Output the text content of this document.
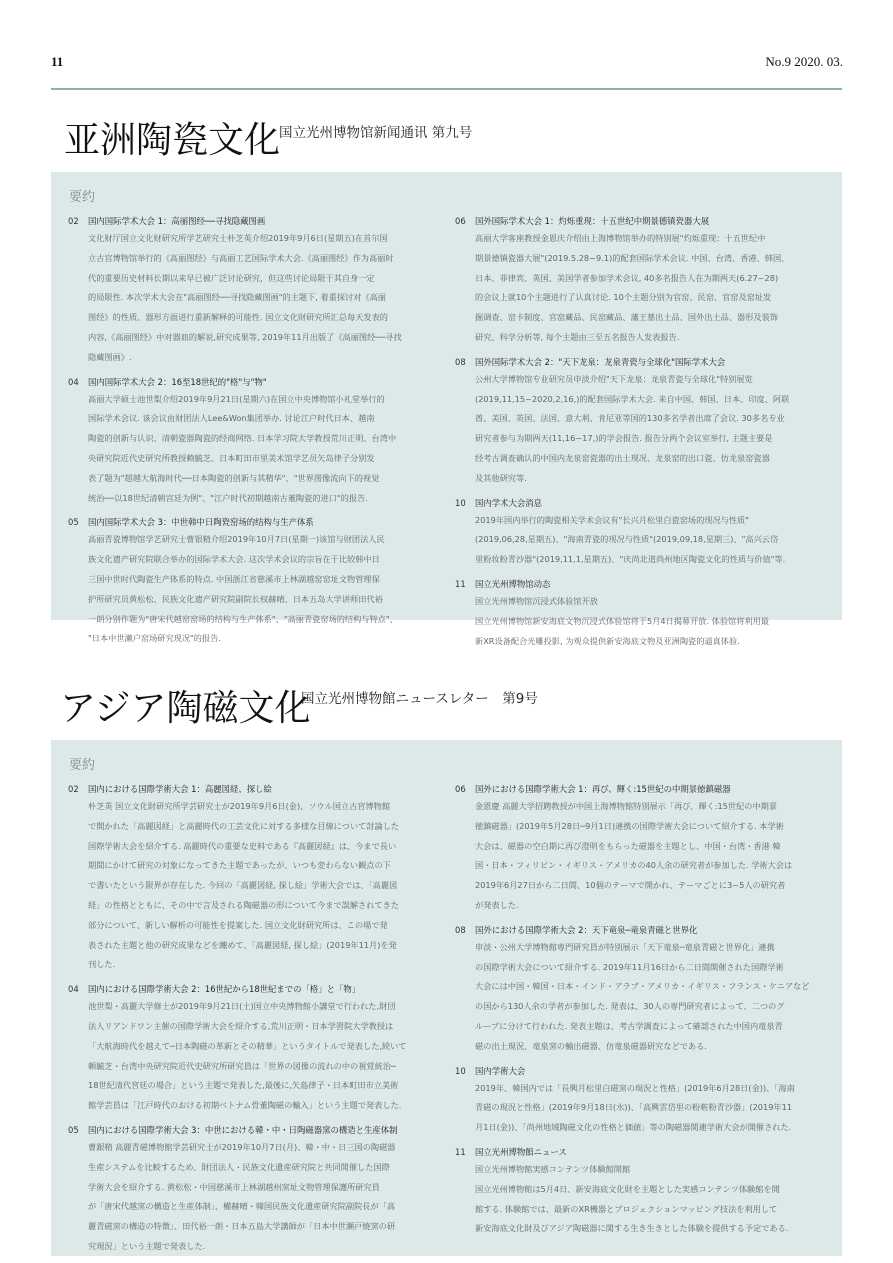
11	No.9 2020. 03.
亚洲陶瓷文化
国立光州博物馆新闻通讯 第九号
要约
02 国内国际学术大会 1：高丽图经──寻找隐藏图画
文化财厅国立文化财研究所学艺研究士朴芝英介绍2019年9月6日(星期五)在首尔国
立古宫博物馆举行的《高丽图经》与高丽工艺国际学术大会.《高丽图经》作为高丽时
代的重要历史材料长期以来早已被广泛讨论研究，但这些讨论局限于其自身一定
的局限性. 本次学术大会在"高丽图经──寻找隐藏图画"的主题下, 着重探讨对《高丽
图经》的性质、器形方面进行重新解释的可能性. 国立文化财研究所汇总每天发表的
内容,《高丽图经》中对器皿的解说,研究成果等, 2019年11月出版了《高丽图经──寻找
隐藏图画》.
04 国内国际学术大会 2：16至18世纪的"格"与"物"
高丽大学硕士池世梨介绍2019年9月21日(星期六)在国立中央博物馆小礼堂举行的
国际学术会议. 该会议由财团法人Lee&Won集团举办. 讨论江户时代日本、越南
陶瓷的创新与认识、清朝瓷器陶瓷的经商网络. 日本学习院大学教授荒川正明、台湾中
央研究院近代史研究所教授赖毓芝、日本町田市里美术馆学艺员矢岛律子分别发
表了题为"超越大航海时代──日本陶瓷的创新与其精华"、"世界图像流向下的视觉
统治──以18世纪清朝宫廷为例"、"江户时代初期越南古董陶瓷的进口"的报告.
05 国内国际学术大会 3：中世韩中日陶瓷窑场的结构与生产体系
高丽青瓷博物馆学艺研究士曹银精介绍2019年10月7日(星期一)该馆与财团法人民
族文化遗产研究院联合举办的国际学术大会. 这次学术会议的宗旨在于比较韩中日
三国中世时代陶瓷生产体系的特点. 中国浙江省慈溪市上林湖越窑窑址文物管理保
护所研究员黄松松、民族文化遗产研究院副院长权赫晴、日本五岛大学讲师田代裕
一朗分别作题为"唐宋代越窑窑场的结构与生产体系"、"高丽青瓷窑场的结构与特点"、
"日本中世濑户窑场研究现况"的报告.
06 国外国际学术大会 1：灼烁重现：十五世纪中期景德镇瓷器大展
高丽大学客座教授金恩庆介绍由上海博物馆举办的特别展"灼烁重现：十五世纪中
期景德镇瓷器大展"(2019.5.28~9.1)的配套国际学术会议. 中国、台湾、香港、韩国、
日本、菲律宾、英国、美国学者参加学术会议, 40多名报告人在为期两天(6.27~28)
的会议上就10个主题进行了认真讨论. 10个主题分别为官窑、民窑、官窑及窑址发
掘调查、窑卡制度、官窑藏品、民窑藏品、藩王墓出土品、国外出土品、器形及装饰
研究、科学分析等, 每个主题由三至五名报告人发表报告.
08 国外国际学术大会 2："天下龙泉：龙泉青瓷与全球化"国际学术大会
公州大学博物馆专业研究员申淡介绍"天下龙泉：龙泉青瓷与全球化"特别展览
(2019,11,15~2020,2,16,)的配套国际学术大会. 来自中国、韩国、日本、印度、阿联
酋、美国、英国、法国、意大利、肯尼亚等国的130多名学者出席了会议. 30多名专业
研究者参与为期两天(11,16~17,)的学会报告. 报告分两个会议室举行, 主题主要是
经考古调查确认的中国内龙泉窑瓷器的出土现况、龙泉窑的出口瓷、仿龙泉窑瓷器
及其他研究等.
10 国内学术大会消息
2019年国内举行的陶瓷相关学术会议有"长兴月松里白瓷窑场的现况与性质"
(2019,06,28,星期五)、"海南青瓷的现况与性质"(2019,09,18,星期三)、"高兴云岱
里粉妆粉青沙器"(2019,11,1,星期五)、"庆尚北道尚州地区陶瓷文化的性质与价值"等.
11 国立光州博物馆动态
国立光州博物馆沉浸式体验馆开放
国立光州博物馆新安海底文物沉浸式体验馆将于5月4日揭幕开放. 体验馆将利用最
新XR设备配合光雕投影, 为观众提供新安海底文物及亚洲陶瓷的逼真体验.
アジア陶磁文化
国立光州博物館ニュースレター　第9号
要約
02 国内における国際学術大会 1：高麗図経、探し絵
朴芝英 国立文化財研究所学芸研究士が2019年9月6日(金)、ソウル国立古宮博物館
で開かれた「高麗図経」と高麗時代の工芸文化に対する多様な目線について討論した
国際学術大会を紹介する. 高麗時代の重要な史料である『高麗図経』は、今まで長い
期間にかけて研究の対象になってきた主題であったが、いつも変わらない観点の下
で書いたという限界が存在した. 今回の「高麗図経, 探し絵」学術大会では、「高麗図
経」の性格とともに、その中で言及される陶磁器の形について今まで誤解されてきた
部分について、新しい解析の可能性を提案した. 国立文化財研究所は、この場で発
表された主題と他の研究成果などを纏めて、「高麗図経, 探し絵」(2019年11月)を発
刊した.
04 国内における国際学術大会 2：16世紀から18世紀までの「格」と「物」
池世梨・高麗大学修士が2019年9月21日(土)国立中央博物館小講堂で行われた,財団
法人リアンドワン主催の国際学術大会を紹介する,荒川正明・日本学習院大学教授は
「大航海時代を越えて─日本陶磁の革新とその精華」というタイトルで発表した,続いて
頼毓芝・台湾中央研究院近代史研究所研究員は「世界の図像の流れの中の視覚統治─
18世紀清代宮廷の場合」という主題で発表した,最後に,矢島律子・日本町田市立美術
館学芸員は「江戸時代のおける初期ベトナム骨董陶磁の輸入」という主題で発表した.
05 国内における国際学術大会 3：中世における韓・中・日陶磁器窯の構造と生産体制
曹銀精 高麗青磁博物館学芸研究士が2019年10月7日(月)、韓・中・日三国の陶磁器
生産システムを比較するため、財団法人・民族文化遺産研究院と共同開催した国際
学術大会を紹介する. 黄松松・中国慈溪市上林湖越州窯址文物管理保護所研究員
が「唐宋代越窯の構造と生産体制」、權赫晴・韓国民族文化遺産研究院副院長が「高
麗青磁窯の構造の特徴」、田代裕一朗・日本五島大学講師が「日本中世瀬戸焼窯の研
究現況」という主題で発表した.
06 国外における国際学術大会 1：再び、輝く:15世紀の中期景徳鎮磁器
金恩慶 高麗大学招聘教授が中国上海博物館特別展示「再び、輝く:15世紀の中期景
徳鎮磁器」(2019年5月28日─9月1日)連携の国際学術大会について紹介する. 本学術
大会は、磁器の空白期に再び澄明をもらった磁器を主題とし、中国・台湾・香港 韓
国・日本・フィリピン・イギリス・アメリカの40人余の研究者が参加した. 学術大会は
2019年6月27日から二日間、10個のテーマで開かれ、テーマごとに3~5人の研究者
が発表した.
08 国外における国際学術大会 2：天下竜泉─竜泉青磁と世界化
申淡・公州大学博物館専門研究員が特別展示「天下竜泉─竜泉青磁と世界化」連携
の国際学術大会について紹介する. 2019年11月16日から二日間開催された国際学術
大会には中国・韓国・日本・インド・アラブ・アメリカ・イギリス・フランス・ケニアなど
の国から130人余の学者が参加した. 発表は、30人の専門研究者によって、二つのグ
ループに分けて行われた. 発表主題は、考古学調査によって確認された中国内竜泉青
磁の出土現況、竜泉窯の輸出磁器、仿竜泉磁器研究などである.
10 国内学術大会
2019年、韓国内では「長興月松里白磁窯の現況と性格」(2019年6月28日(金))、「海南
青磁の現況と性格」(2019年9月18日(水))、「高興雲岱里の粉粧粉青沙器」(2019年11
月1日(金))、「尚州地域陶磁文化の性格と価値」等の陶磁器関連学術大会が開催された.
11 国立光州博物館ニュース
国立光州博物館実感コンテンツ体験館開館
国立光州博物館は5月4日、新安海底文化財を主題とした実感コンテンツ体験館を開
館する. 体験館では、最新のXR機器とプロジェクションマッピング技法を利用して
新安海底文化財及びアジア陶磁器に関する生き生きとした体験を提供する予定である.
